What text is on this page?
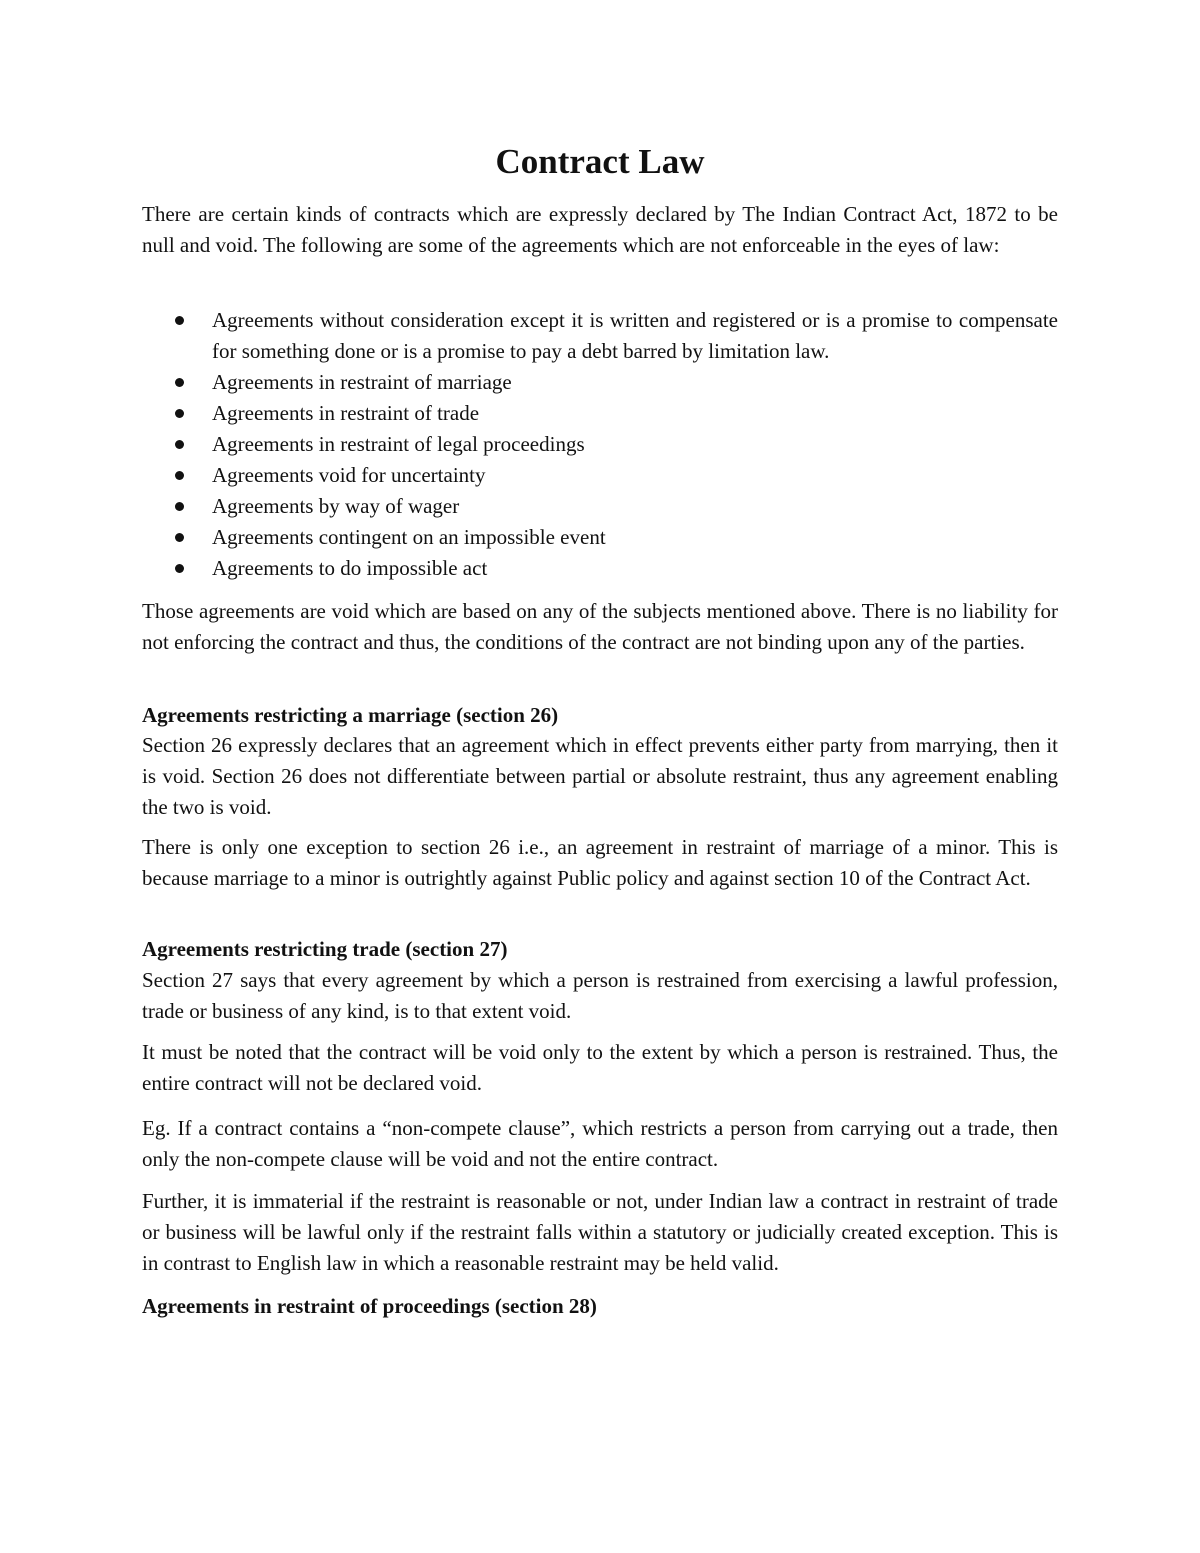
Contract Law

There are certain kinds of contracts which are expressly declared by The Indian Contract Act, 1872 to be null and void. The following are some of the agreements which are not enforceable in the eyes of law:

Agreements without consideration except it is written and registered or is a promise to compensate for something done or is a promise to pay a debt barred by limitation law.
Agreements in restraint of marriage
Agreements in restraint of trade
Agreements in restraint of legal proceedings
Agreements void for uncertainty
Agreements by way of wager
Agreements contingent on an impossible event
Agreements to do impossible act

Those agreements are void which are based on any of the subjects mentioned above. There is no liability for not enforcing the contract and thus, the conditions of the contract are not binding upon any of the parties.

Agreements restricting a marriage (section 26)

Section 26 expressly declares that an agreement which in effect prevents either party from marrying, then it is void. Section 26 does not differentiate between partial or absolute restraint, thus any agreement enabling the two is void.

There is only one exception to section 26 i.e., an agreement in restraint of marriage of a minor. This is because marriage to a minor is outrightly against Public policy and against section 10 of the Contract Act.

Agreements restricting trade (section 27)

Section 27 says that every agreement by which a person is restrained from exercising a lawful profession, trade or business of any kind, is to that extent void.

It must be noted that the contract will be void only to the extent by which a person is restrained. Thus, the entire contract will not be declared void.

Eg. If a contract contains a “non-compete clause”, which restricts a person from carrying out a trade, then only the non-compete clause will be void and not the entire contract.

Further, it is immaterial if the restraint is reasonable or not, under Indian law a contract in restraint of trade or business will be lawful only if the restraint falls within a statutory or judicially created exception. This is in contrast to English law in which a reasonable restraint may be held valid.

Agreements in restraint of proceedings (section 28)
